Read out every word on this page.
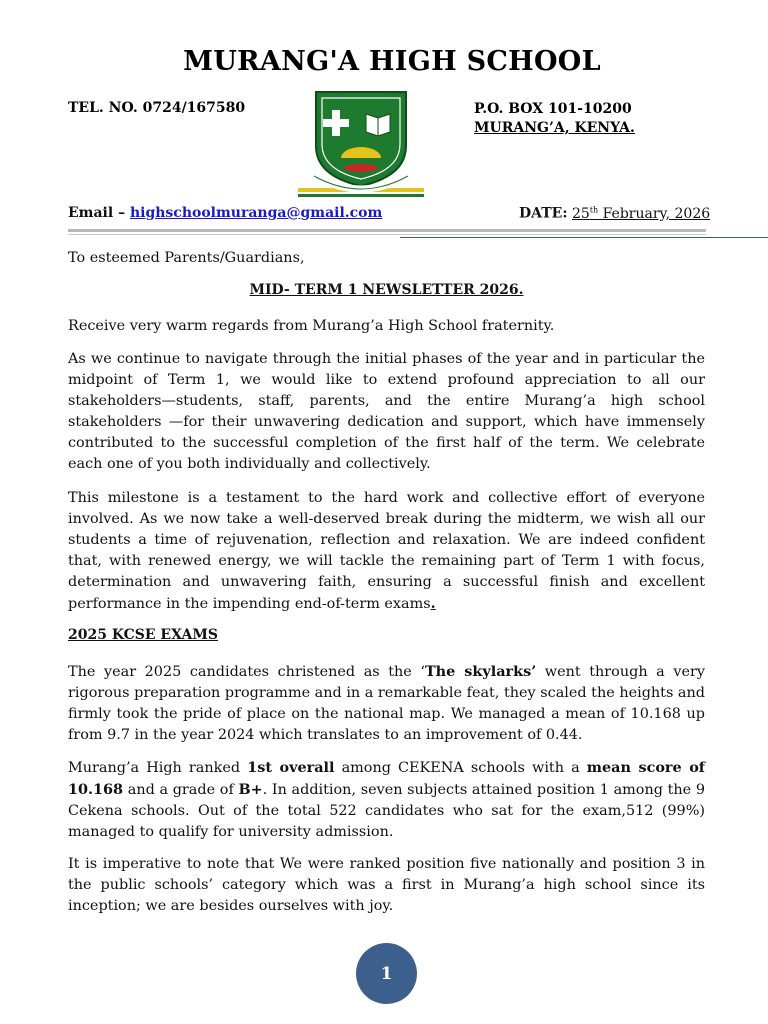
MURANG'A HIGH SCHOOL
TEL. NO. 0724/167580	P.O. BOX 101-10200
MURANG’A, KENYA.
Email – highschoolmuranga@gmail.com	DATE: 25th February, 2026
To esteemed Parents/Guardians,
MID- TERM 1 NEWSLETTER 2026.
Receive very warm regards from Murang’a High School fraternity.
As we continue to navigate through the initial phases of the year and in particular the midpoint of Term 1, we would like to extend profound appreciation to all our stakeholders—students, staff, parents, and the entire Murang’a high school stakeholders —for their unwavering dedication and support, which have immensely contributed to the successful completion of the first half of the term. We celebrate each one of you both individually and collectively.
This milestone is a testament to the hard work and collective effort of everyone involved. As we now take a well-deserved break during the midterm, we wish all our students a time of rejuvenation, reflection and relaxation. We are indeed confident that, with renewed energy, we will tackle the remaining part of Term 1 with focus, determination and unwavering faith, ensuring a successful finish and excellent performance in the impending end-of-term exams.
2025 KCSE EXAMS
The year 2025 candidates christened as the ‘The skylarks’ went through a very rigorous preparation programme and in a remarkable feat, they scaled the heights and firmly took the pride of place on the national map. We managed a mean of 10.168 up from 9.7 in the year 2024 which translates to an improvement of 0.44.
Murang’a High ranked 1st overall among CEKENA schools with a mean score of 10.168 and a grade of B+. In addition, seven subjects attained position 1 among the 9 Cekena schools. Out of the total 522 candidates who sat for the exam,512 (99%) managed to qualify for university admission.
It is imperative to note that We were ranked position five nationally and position 3 in the public schools’ category which was a first in Murang’a high school since its inception; we are besides ourselves with joy.
1
